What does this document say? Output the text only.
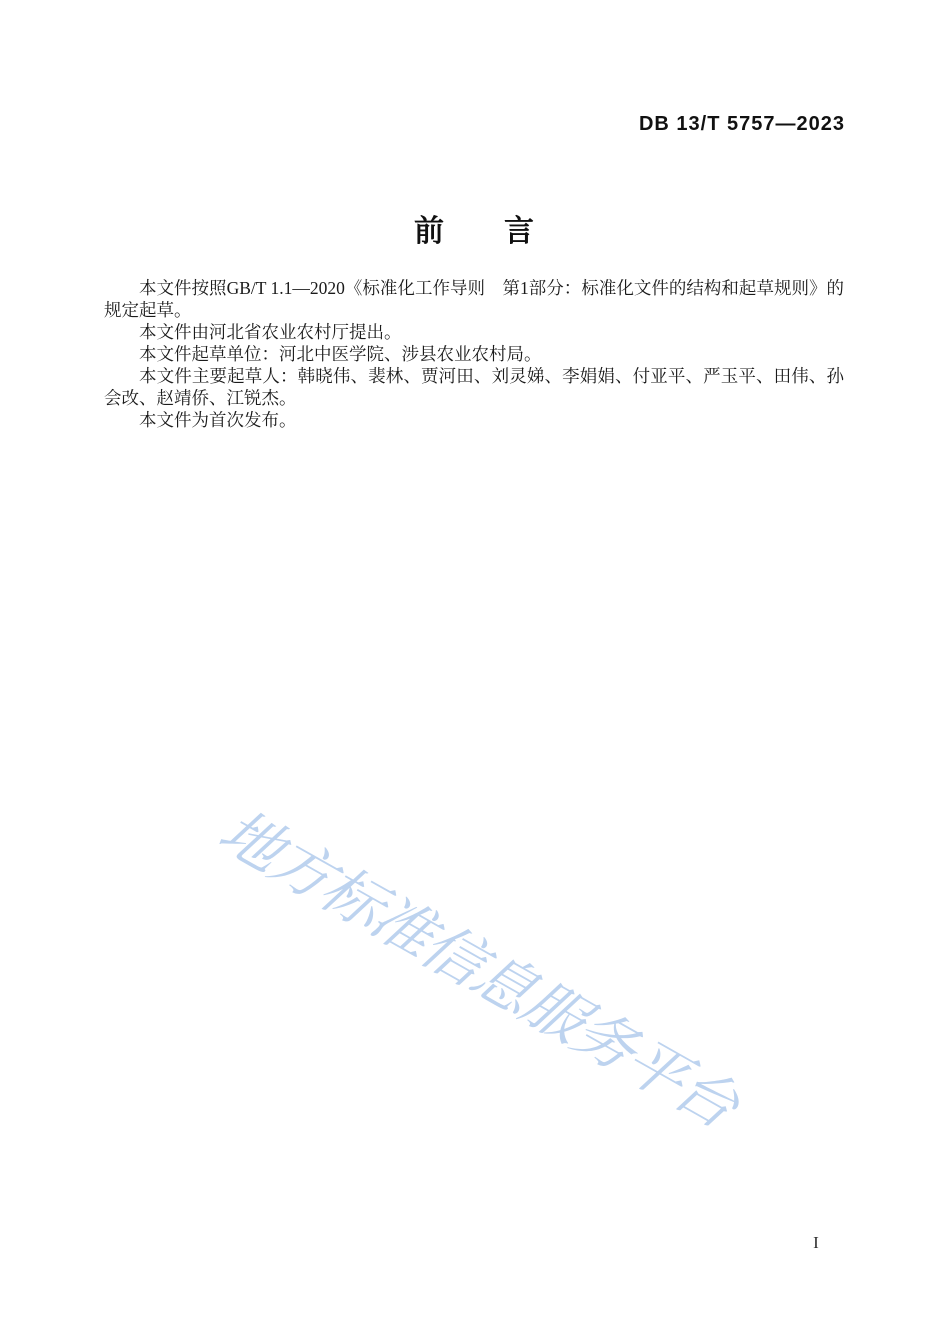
DB 13/T 5757—2023
前　　言

本文件按照GB/T 1.1—2020《标准化工作导则　第1部分：标准化文件的结构和起草规则》的规定起草。

本文件由河北省农业农村厅提出。

本文件起草单位：河北中医学院、涉县农业农村局。

本文件主要起草人：韩晓伟、裴林、贾河田、刘灵娣、李娟娟、付亚平、严玉平、田伟、孙会改、赵靖侨、江锐杰。

本文件为首次发布。

地方标准信息服务平台
I
